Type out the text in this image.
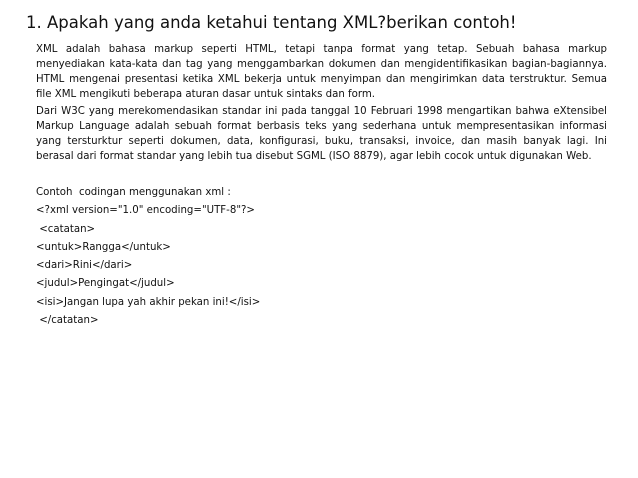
1. Apakah yang anda ketahui tentang XML?berikan contoh!
XML adalah bahasa markup seperti HTML, tetapi tanpa format yang tetap. Sebuah bahasa markup menyediakan kata-kata dan tag yang menggambarkan dokumen dan mengidentifikasikan bagian-bagiannya. HTML mengenai presentasi ketika XML bekerja untuk menyimpan dan mengirimkan data terstruktur. Semua file XML mengikuti beberapa aturan dasar untuk sintaks dan form.
Dari W3C yang merekomendasikan standar ini pada tanggal 10 Februari 1998 mengartikan bahwa eXtensibel Markup Language adalah sebuah format berbasis teks yang sederhana untuk mempresentasikan informasi yang tersturktur seperti dokumen, data, konfigurasi, buku, transaksi, invoice, dan masih banyak lagi. Ini berasal dari format standar yang lebih tua disebut SGML (ISO 8879), agar lebih cocok untuk digunakan Web.
Contoh  codingan menggunakan xml :
<?xml version="1.0" encoding="UTF-8"?>
<catatan>
<untuk>Rangga</untuk>
<dari>Rini</dari>
<judul>Pengingat</judul>
<isi>Jangan lupa yah akhir pekan ini!</isi>
</catatan>
